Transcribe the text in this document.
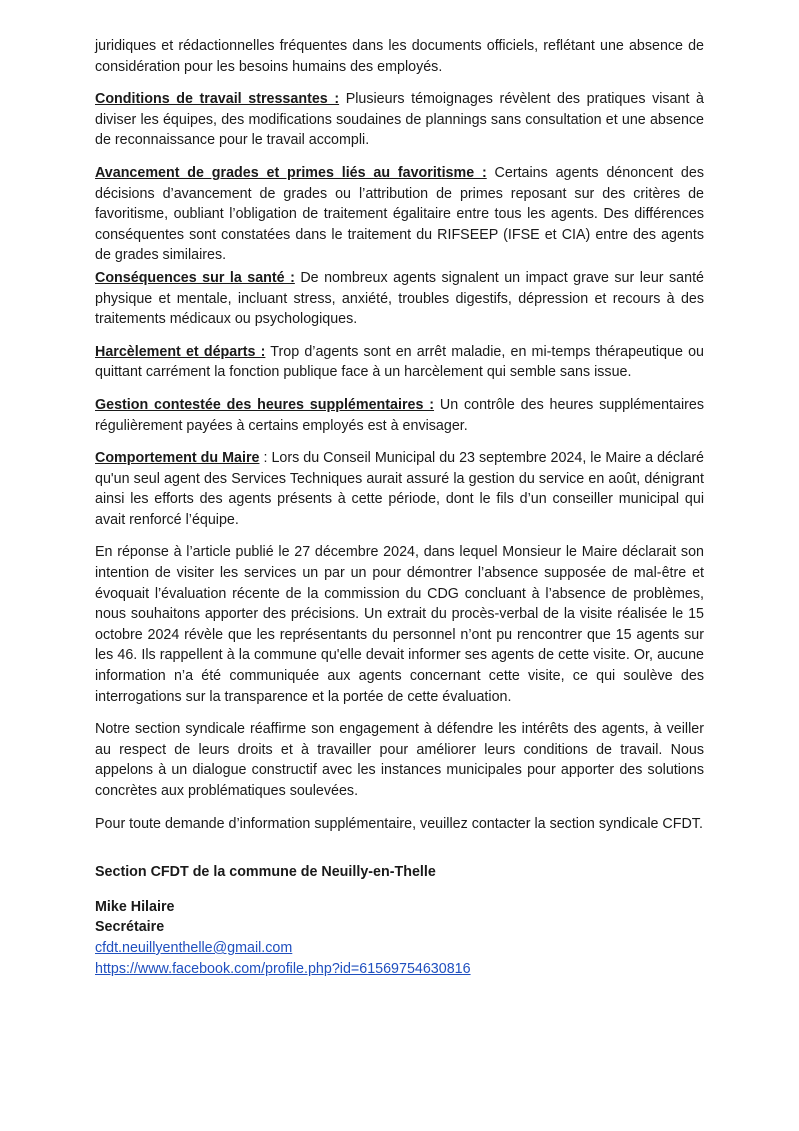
juridiques et rédactionnelles fréquentes dans les documents officiels, reflétant une absence de considération pour les besoins humains des employés.

Conditions de travail stressantes : Plusieurs témoignages révèlent des pratiques visant à diviser les équipes, des modifications soudaines de plannings sans consultation et une absence de reconnaissance pour le travail accompli.

Avancement de grades et primes liés au favoritisme : Certains agents dénoncent des décisions d’avancement de grades ou l’attribution de primes reposant sur des critères de favoritisme, oubliant l’obligation de traitement égalitaire entre tous les agents. Des différences conséquentes sont constatées dans le traitement du RIFSEEP (IFSE et CIA) entre des agents de grades similaires.

Conséquences sur la santé : De nombreux agents signalent un impact grave sur leur santé physique et mentale, incluant stress, anxiété, troubles digestifs, dépression et recours à des traitements médicaux ou psychologiques.

Harcèlement et départs : Trop d’agents sont en arrêt maladie, en mi-temps thérapeutique ou quittant carrément la fonction publique face à un harcèlement qui semble sans issue.

Gestion contestée des heures supplémentaires : Un contrôle des heures supplémentaires régulièrement payées à certains employés est à envisager.

Comportement du Maire : Lors du Conseil Municipal du 23 septembre 2024, le Maire a déclaré qu'un seul agent des Services Techniques aurait assuré la gestion du service en août, dénigrant ainsi les efforts des agents présents à cette période, dont le fils d’un conseiller municipal qui avait renforcé l’équipe.

En réponse à l’article publié le 27 décembre 2024, dans lequel Monsieur le Maire déclarait son intention de visiter les services un par un pour démontrer l’absence supposée de mal-être et évoquait l’évaluation récente de la commission du CDG concluant à l’absence de problèmes, nous souhaitons apporter des précisions. Un extrait du procès-verbal de la visite réalisée le 15 octobre 2024 révèle que les représentants du personnel n’ont pu rencontrer que 15 agents sur les 46. Ils rappellent à la commune qu'elle devait informer ses agents de cette visite. Or, aucune information n’a été communiquée aux agents concernant cette visite, ce qui soulève des interrogations sur la transparence et la portée de cette évaluation.

Notre section syndicale réaffirme son engagement à défendre les intérêts des agents, à veiller au respect de leurs droits et à travailler pour améliorer leurs conditions de travail. Nous appelons à un dialogue constructif avec les instances municipales pour apporter des solutions concrètes aux problématiques soulevées.

Pour toute demande d’information supplémentaire, veuillez contacter la section syndicale CFDT.

Section CFDT de la commune de Neuilly-en-Thelle

Mike Hilaire

Secrétaire

cfdt.neuillyenthelle@gmail.com
https://www.facebook.com/profile.php?id=61569754630816
